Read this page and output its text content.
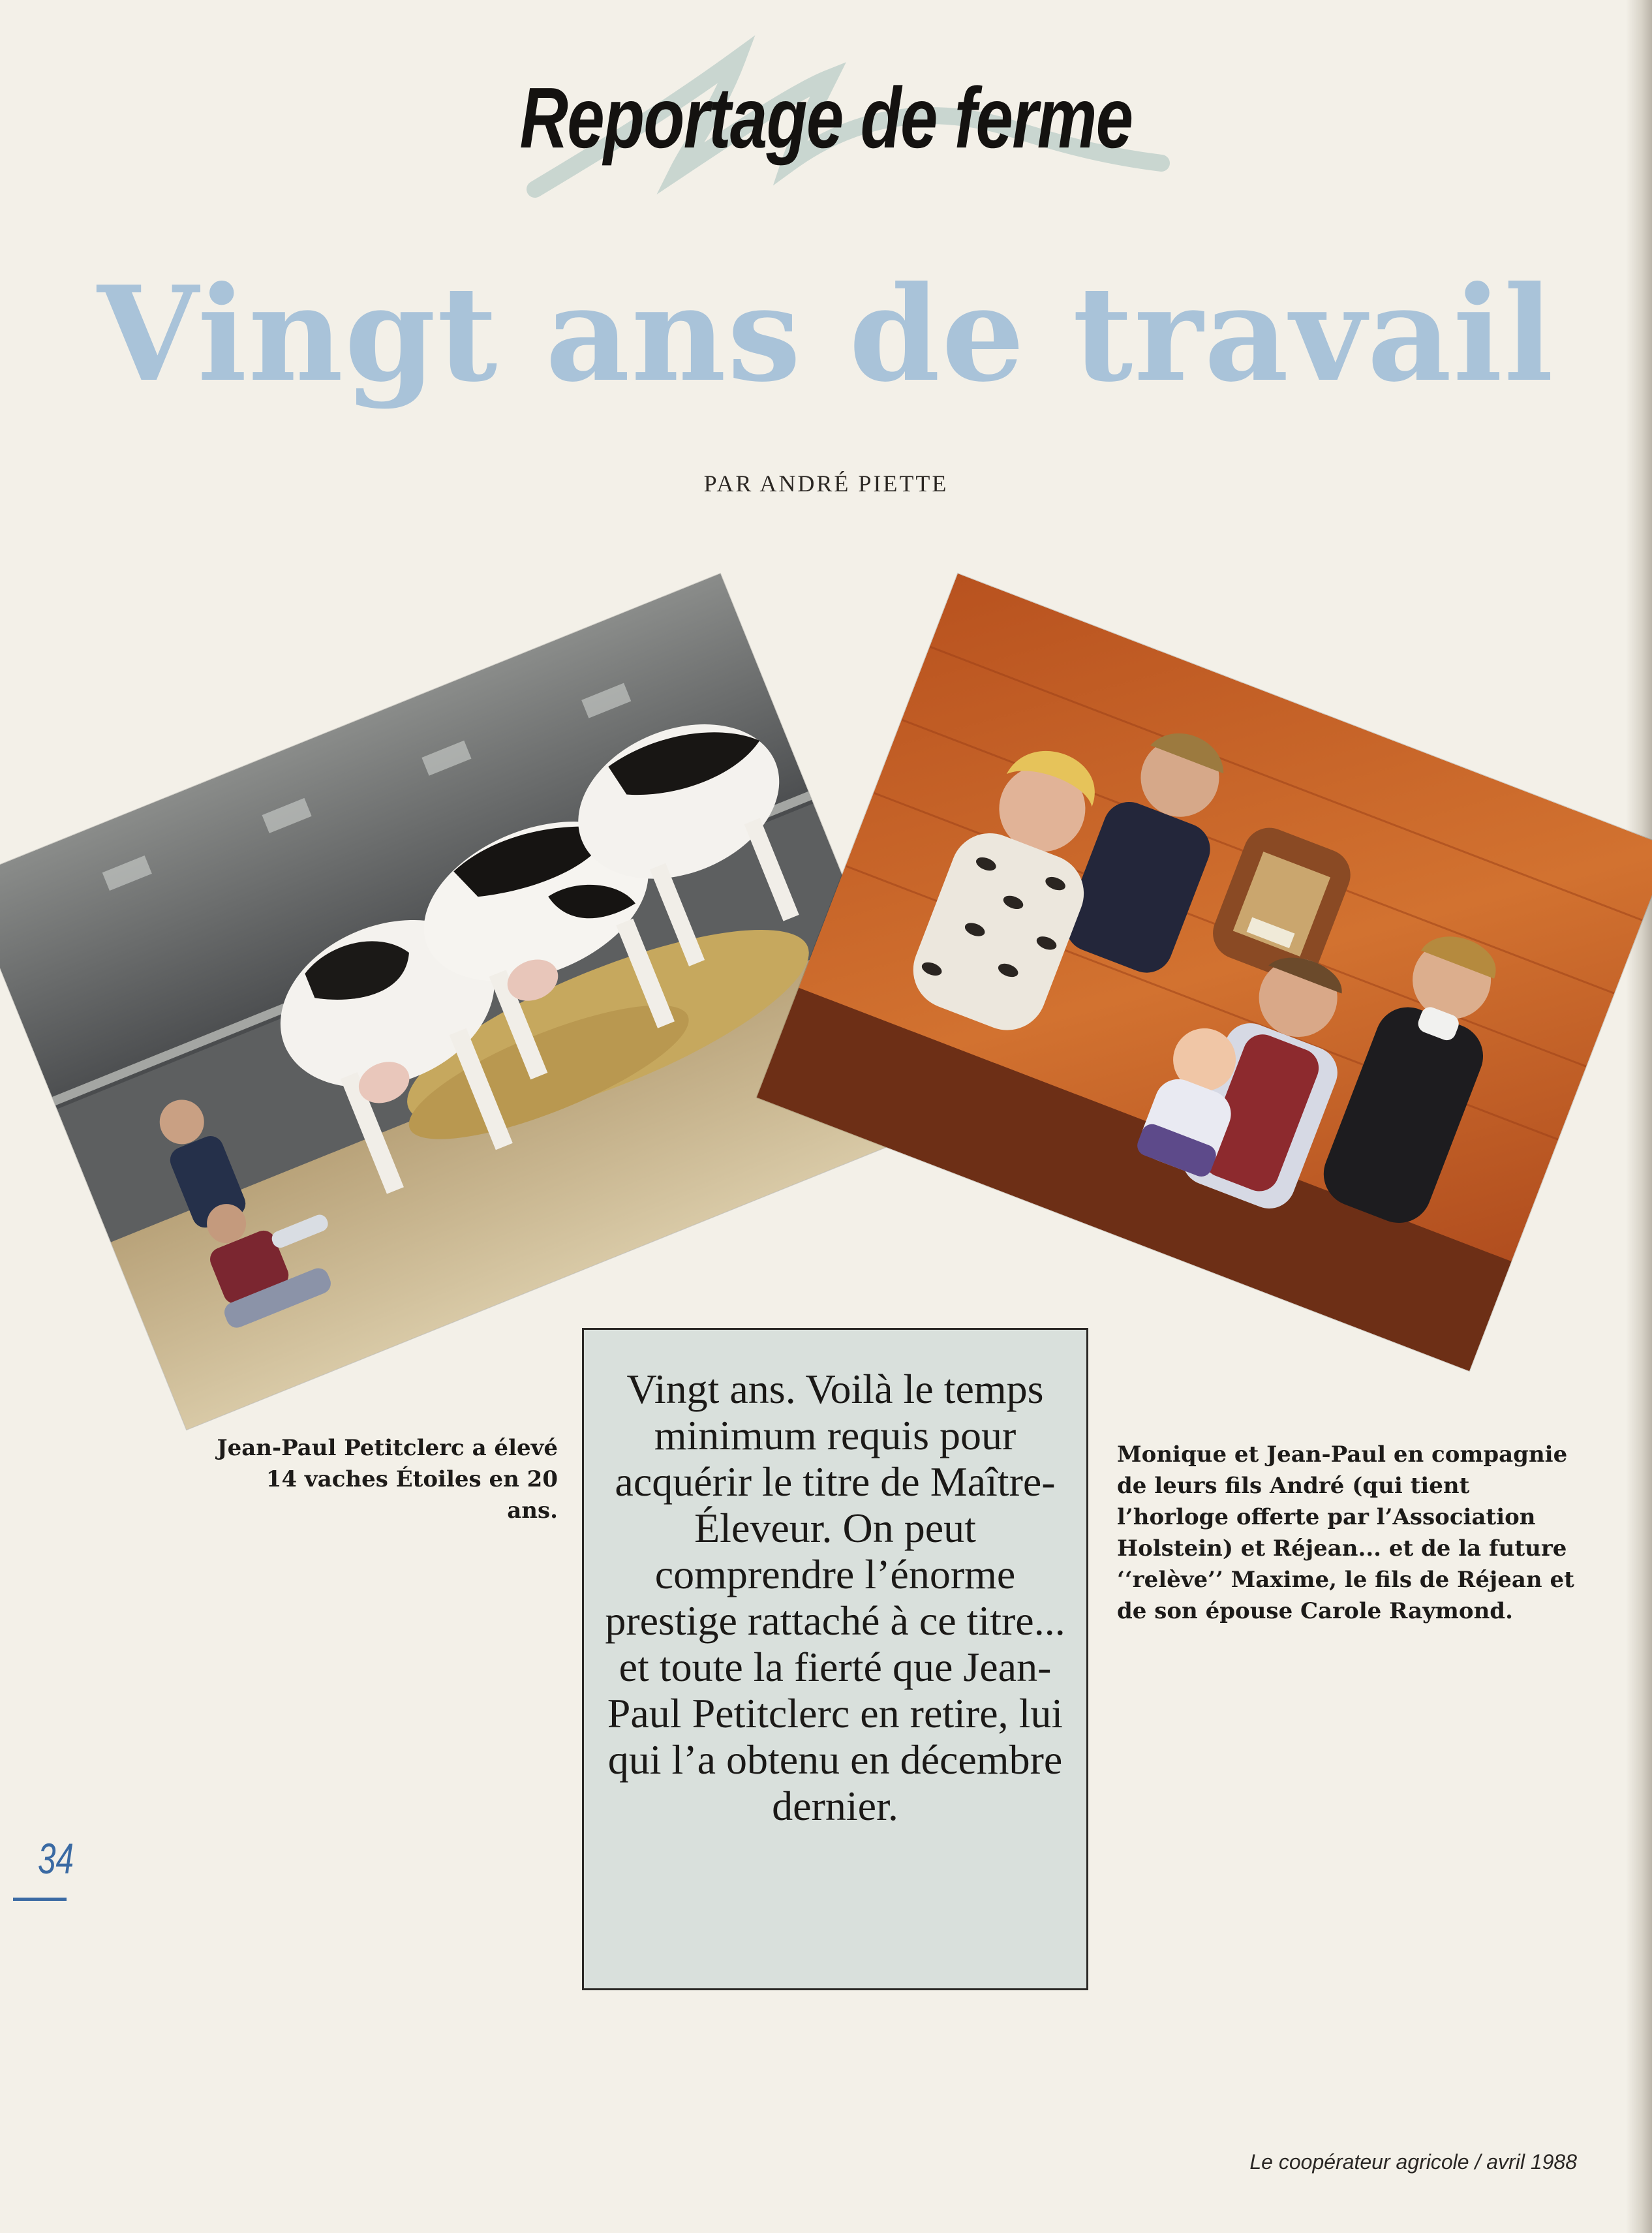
Reportage de ferme
Vingt ans de travail
PAR ANDRÉ PIETTE
Jean-Paul Petitclerc a élevé 14 vaches Étoiles en 20 ans.
Vingt ans. Voilà le temps minimum requis pour acquérir le titre de Maître-Éleveur. On peut comprendre l’énorme prestige rattaché à ce titre... et toute la fierté que Jean-Paul Petitclerc en retire, lui qui l’a obtenu en décembre dernier.
Monique et Jean-Paul en compagnie de leurs fils André (qui tient l’horloge offerte par l’Association Holstein) et Réjean... et de la future ‘‘relève’’ Maxime, le fils de Réjean et de son épouse Carole Raymond.
34
Le coopérateur agricole / avril 1988
